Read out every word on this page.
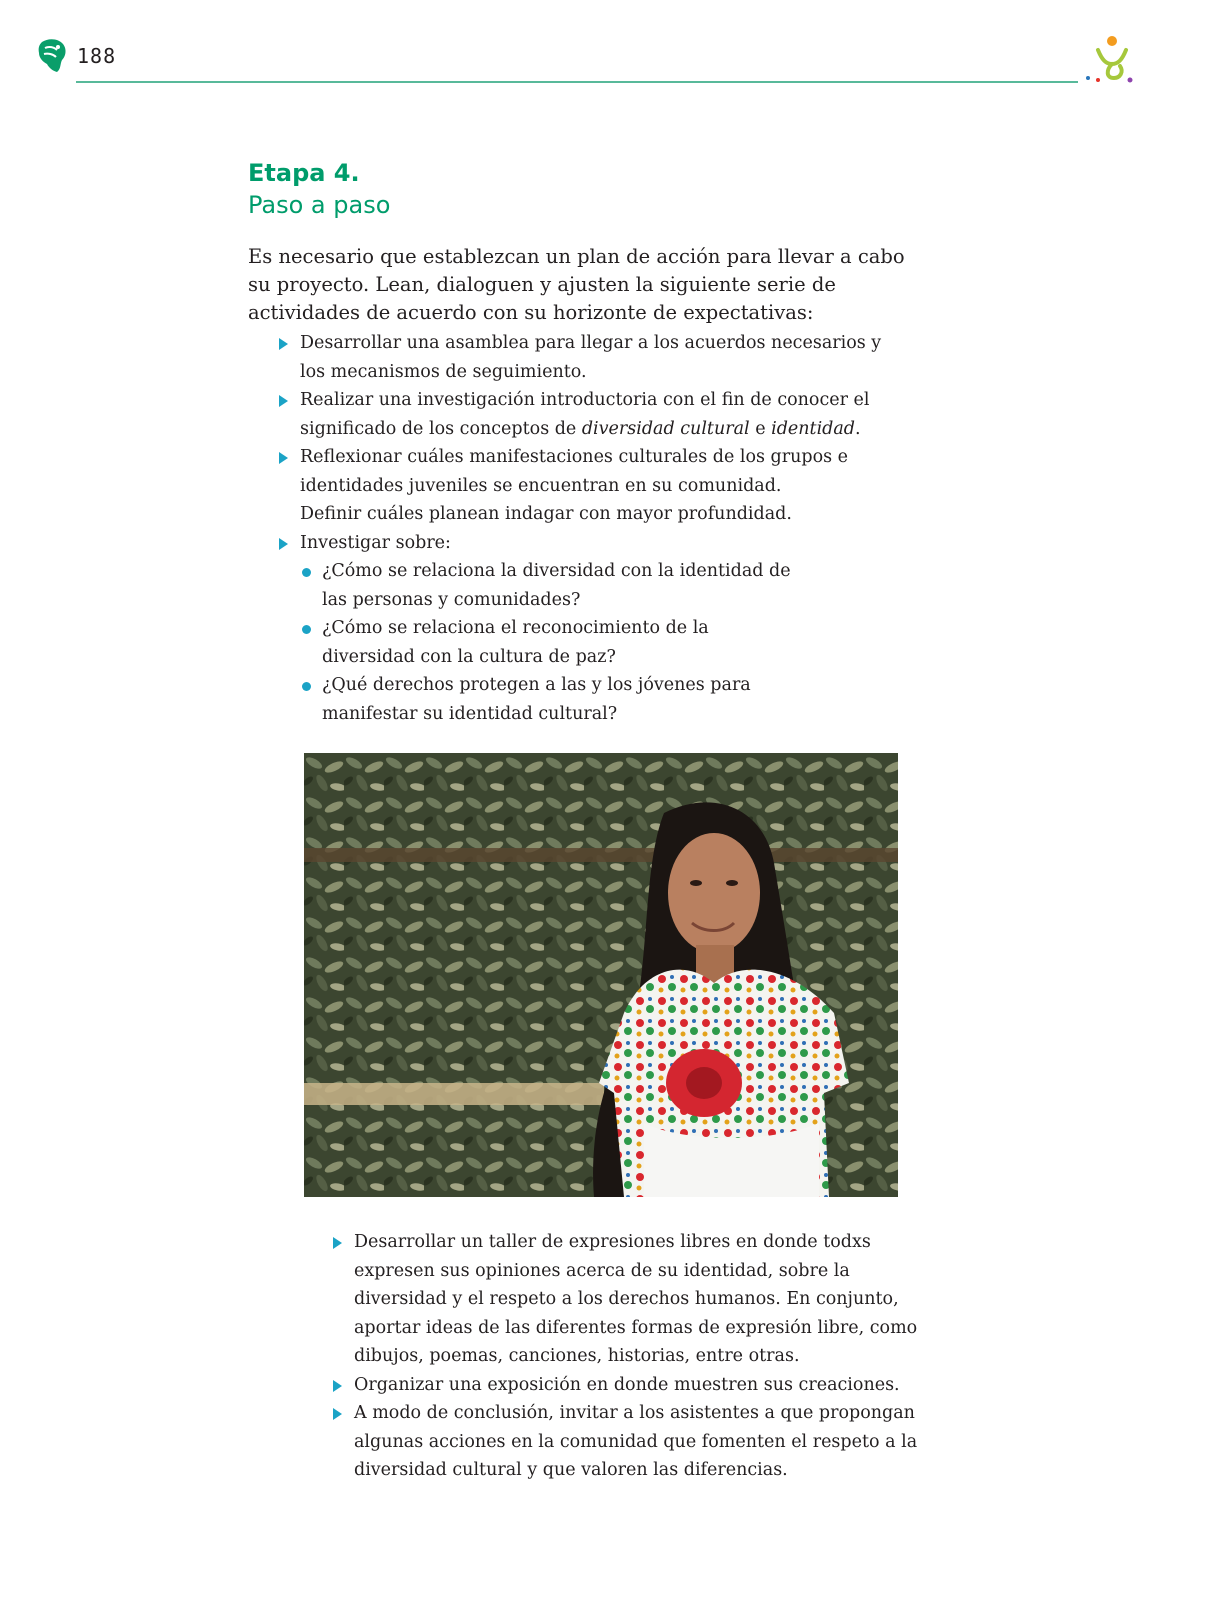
188
Etapa 4.
Paso a paso

Es necesario que establezcan un plan de acción para llevar a cabo su proyecto. Lean, dialoguen y ajusten la siguiente serie de actividades de acuerdo con su horizonte de expectativas:

Desarrollar una asamblea para llegar a los acuerdos necesarios y los mecanismos de seguimiento.
Realizar una investigación introductoria con el fin de conocer el significado de los conceptos de diversidad cultural e identidad.
Reflexionar cuáles manifestaciones culturales de los grupos e identidades juveniles se encuentran en su comunidad.
Definir cuáles planean indagar con mayor profundidad.
Investigar sobre:
¿Cómo se relaciona la diversidad con la identidad de las personas y comunidades?
¿Cómo se relaciona el reconocimiento de la diversidad con la cultura de paz?
¿Qué derechos protegen a las y los jóvenes para manifestar su identidad cultural?
Desarrollar un taller de expresiones libres en donde todxs expresen sus opiniones acerca de su identidad, sobre la diversidad y el respeto a los derechos humanos. En conjunto, aportar ideas de las diferentes formas de expresión libre, como dibujos, poemas, canciones, historias, entre otras.
Organizar una exposición en donde muestren sus creaciones.
A modo de conclusión, invitar a los asistentes a que propongan algunas acciones en la comunidad que fomenten el respeto a la diversidad cultural y que valoren las diferencias.
